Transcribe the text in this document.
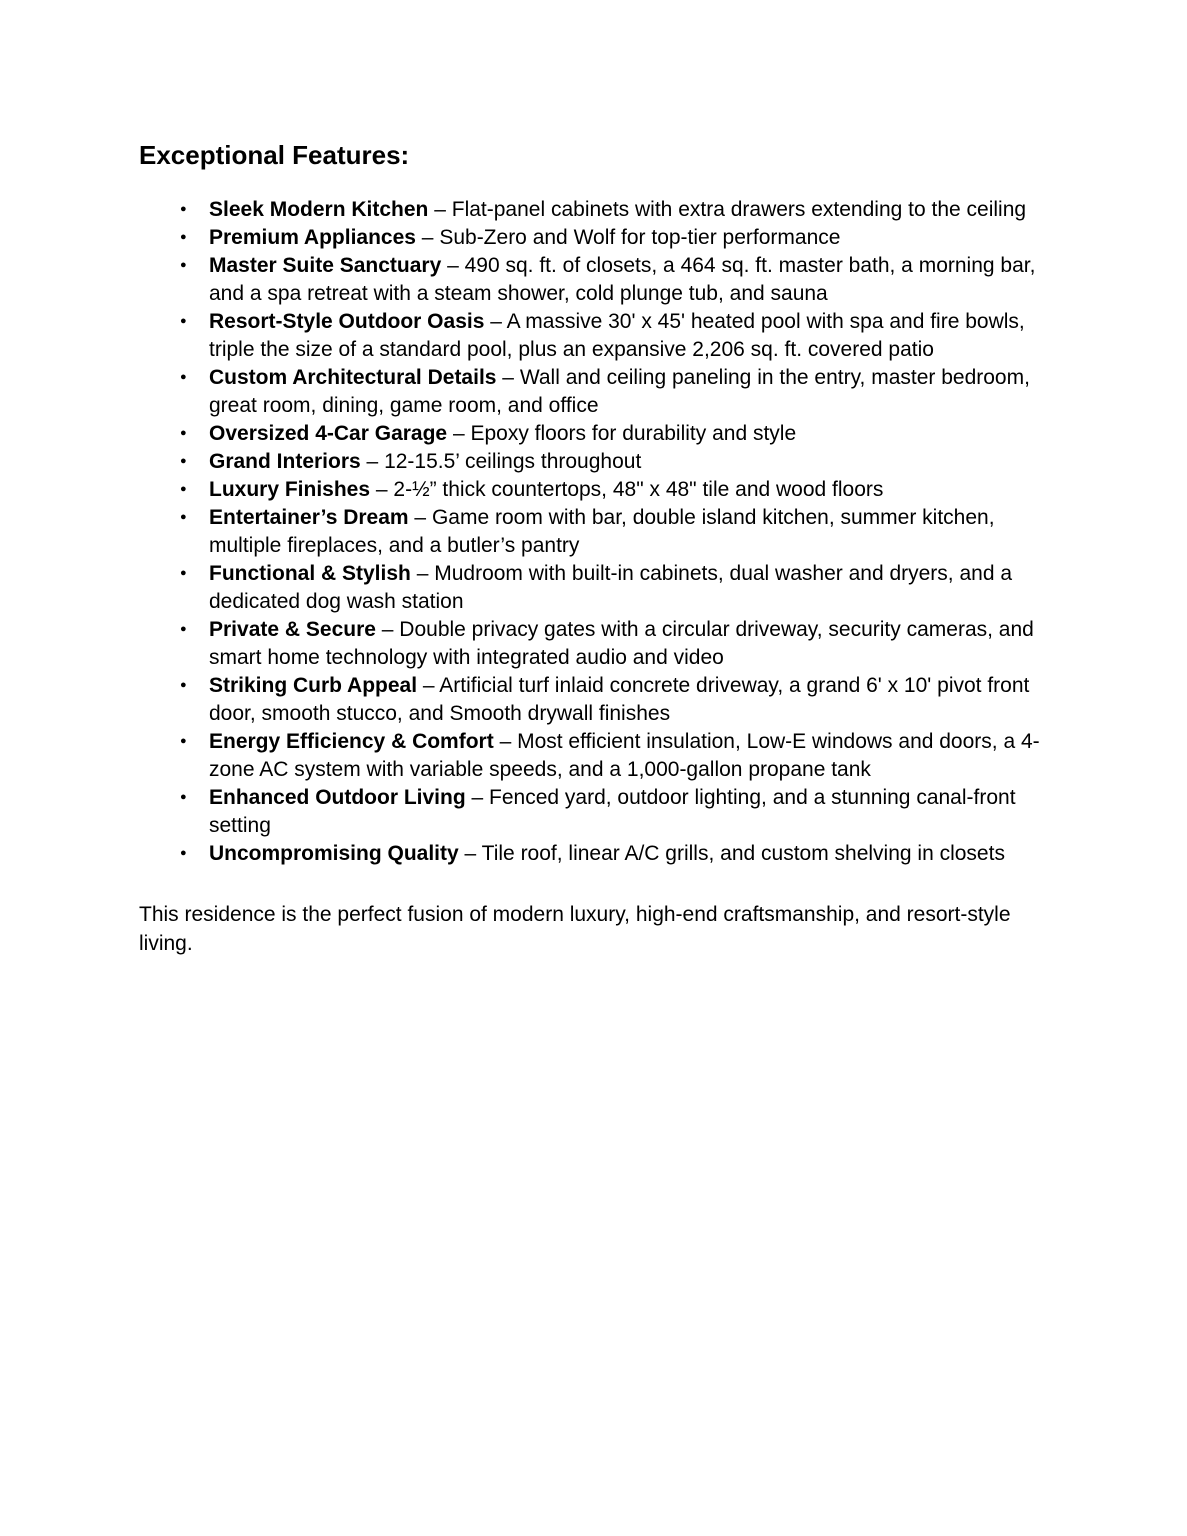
Exceptional Features:
● Sleek Modern Kitchen – Flat-panel cabinets with extra drawers extending to the ceiling
● Premium Appliances – Sub-Zero and Wolf for top-tier performance
● Master Suite Sanctuary – 490 sq. ft. of closets, a 464 sq. ft. master bath, a morning bar, and a spa retreat with a steam shower, cold plunge tub, and sauna
● Resort-Style Outdoor Oasis – A massive 30' x 45' heated pool with spa and fire bowls, triple the size of a standard pool, plus an expansive 2,206 sq. ft. covered patio
● Custom Architectural Details – Wall and ceiling paneling in the entry, master bedroom, great room, dining, game room, and office
● Oversized 4-Car Garage – Epoxy floors for durability and style
● Grand Interiors – 12-15.5’ ceilings throughout
● Luxury Finishes – 2-½” thick countertops, 48" x 48" tile and wood floors
● Entertainer’s Dream – Game room with bar, double island kitchen, summer kitchen, multiple fireplaces, and a butler’s pantry
● Functional & Stylish – Mudroom with built-in cabinets, dual washer and dryers, and a dedicated dog wash station
● Private & Secure – Double privacy gates with a circular driveway, security cameras, and smart home technology with integrated audio and video
● Striking Curb Appeal – Artificial turf inlaid concrete driveway, a grand 6' x 10' pivot front door, smooth stucco, and Smooth drywall finishes
● Energy Efficiency & Comfort – Most efficient insulation, Low-E windows and doors, a 4-zone AC system with variable speeds, and a 1,000-gallon propane tank
● Enhanced Outdoor Living – Fenced yard, outdoor lighting, and a stunning canal-front setting
● Uncompromising Quality – Tile roof, linear A/C grills, and custom shelving in closets

This residence is the perfect fusion of modern luxury, high-end craftsmanship, and resort-style living.
